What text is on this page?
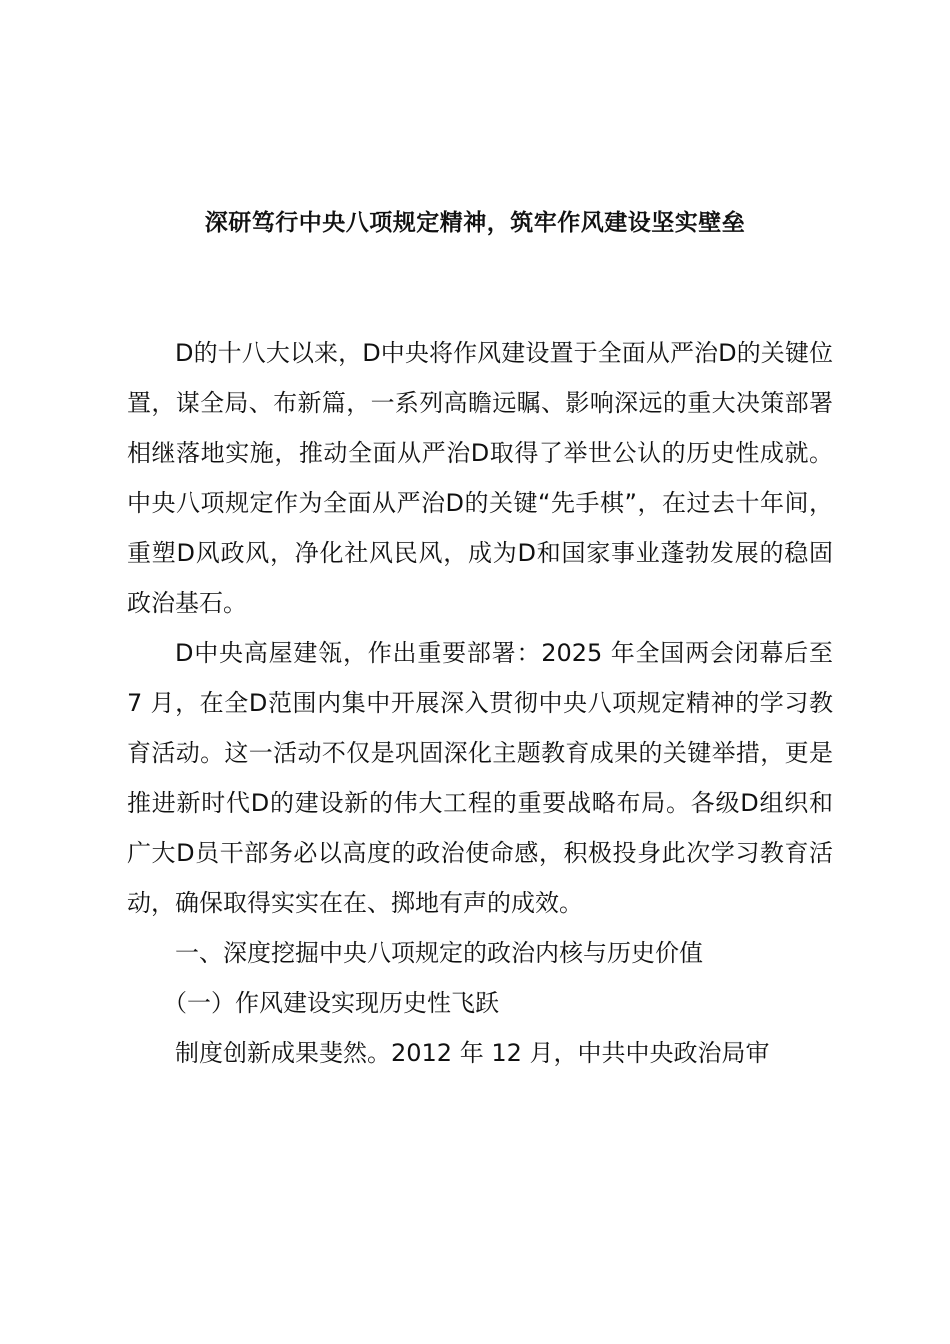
深研笃行中央八项规定精神，筑牢作风建设坚实壁垒

D的十八大以来，D中央将作风建设置于全面从严治D的关键位置，谋全局、布新篇，一系列高瞻远瞩、影响深远的重大决策部署相继落地实施，推动全面从严治D取得了举世公认的历史性成就。中央八项规定作为全面从严治D的关键“先手棋”，在过去十年间，重塑D风政风，净化社风民风，成为D和国家事业蓬勃发展的稳固政治基石。

D中央高屋建瓴，作出重要部署：2025 年全国两会闭幕后至 7 月，在全D范围内集中开展深入贯彻中央八项规定精神的学习教育活动。这一活动不仅是巩固深化主题教育成果的关键举措，更是推进新时代D的建设新的伟大工程的重要战略布局。各级D组织和广大D员干部务必以高度的政治使命感，积极投身此次学习教育活动，确保取得实实在在、掷地有声的成效。

一、深度挖掘中央八项规定的政治内核与历史价值

（一）作风建设实现历史性飞跃

制度创新成果斐然。2012 年 12 月，中共中央政治局审
